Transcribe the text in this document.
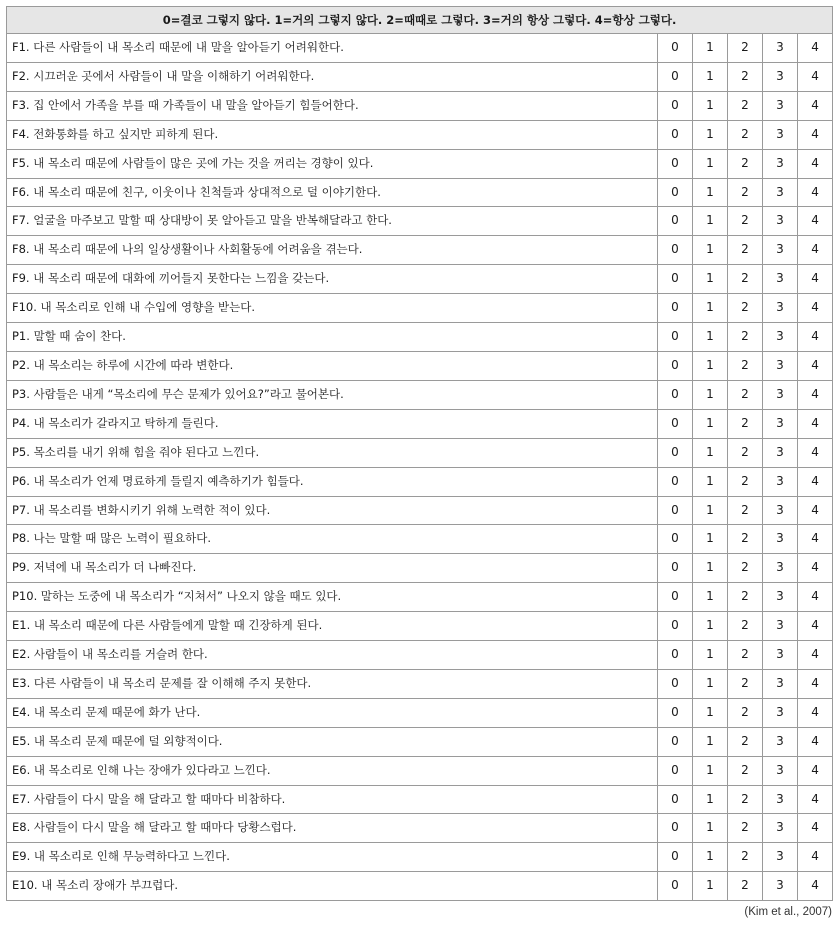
0=결코 그렇지 않다. 1=거의 그렇지 않다. 2=때때로 그렇다. 3=거의 항상 그렇다. 4=항상 그렇다.					
F1. 다른 사람들이 내 목소리 때문에 내 말을 알아듣기 어려워한다.	0	1	2	3	4
F2. 시끄러운 곳에서 사람들이 내 말을 이해하기 어려워한다.	0	1	2	3	4
F3. 집 안에서 가족을 부를 때 가족들이 내 말을 알아듣기 힘들어한다.	0	1	2	3	4
F4. 전화통화를 하고 싶지만 피하게 된다.	0	1	2	3	4
F5. 내 목소리 때문에 사람들이 많은 곳에 가는 것을 꺼리는 경향이 있다.	0	1	2	3	4
F6. 내 목소리 때문에 친구, 이웃이나 친척들과 상대적으로 덜 이야기한다.	0	1	2	3	4
F7. 얼굴을 마주보고 말할 때 상대방이 못 알아듣고 말을 반복해달라고 한다.	0	1	2	3	4
F8. 내 목소리 때문에 나의 일상생활이나 사회활동에 어려움을 겪는다.	0	1	2	3	4
F9. 내 목소리 때문에 대화에 끼어들지 못한다는 느낌을 갖는다.	0	1	2	3	4
F10. 내 목소리로 인해 내 수입에 영향을 받는다.	0	1	2	3	4
P1. 말할 때 숨이 찬다.	0	1	2	3	4
P2. 내 목소리는 하루에 시간에 따라 변한다.	0	1	2	3	4
P3. 사람들은 내게 “목소리에 무슨 문제가 있어요?”라고 물어본다.	0	1	2	3	4
P4. 내 목소리가 갈라지고 탁하게 들린다.	0	1	2	3	4
P5. 목소리를 내기 위해 힘을 줘야 된다고 느낀다.	0	1	2	3	4
P6. 내 목소리가 언제 명료하게 들릴지 예측하기가 힘들다.	0	1	2	3	4
P7. 내 목소리를 변화시키기 위해 노력한 적이 있다.	0	1	2	3	4
P8. 나는 말할 때 많은 노력이 필요하다.	0	1	2	3	4
P9. 저녁에 내 목소리가 더 나빠진다.	0	1	2	3	4
P10. 말하는 도중에 내 목소리가 “지쳐서” 나오지 않을 때도 있다.	0	1	2	3	4
E1. 내 목소리 때문에 다른 사람들에게 말할 때 긴장하게 된다.	0	1	2	3	4
E2. 사람들이 내 목소리를 거슬려 한다.	0	1	2	3	4
E3. 다른 사람들이 내 목소리 문제를 잘 이해해 주지 못한다.	0	1	2	3	4
E4. 내 목소리 문제 때문에 화가 난다.	0	1	2	3	4
E5. 내 목소리 문제 때문에 덜 외향적이다.	0	1	2	3	4
E6. 내 목소리로 인해 나는 장애가 있다라고 느낀다.	0	1	2	3	4
E7. 사람들이 다시 말을 해 달라고 할 때마다 비참하다.	0	1	2	3	4
E8. 사람들이 다시 말을 해 달라고 할 때마다 당황스럽다.	0	1	2	3	4
E9. 내 목소리로 인해 무능력하다고 느낀다.	0	1	2	3	4
E10. 내 목소리 장애가 부끄럽다.	0	1	2	3	4
(Kim et al., 2007)
